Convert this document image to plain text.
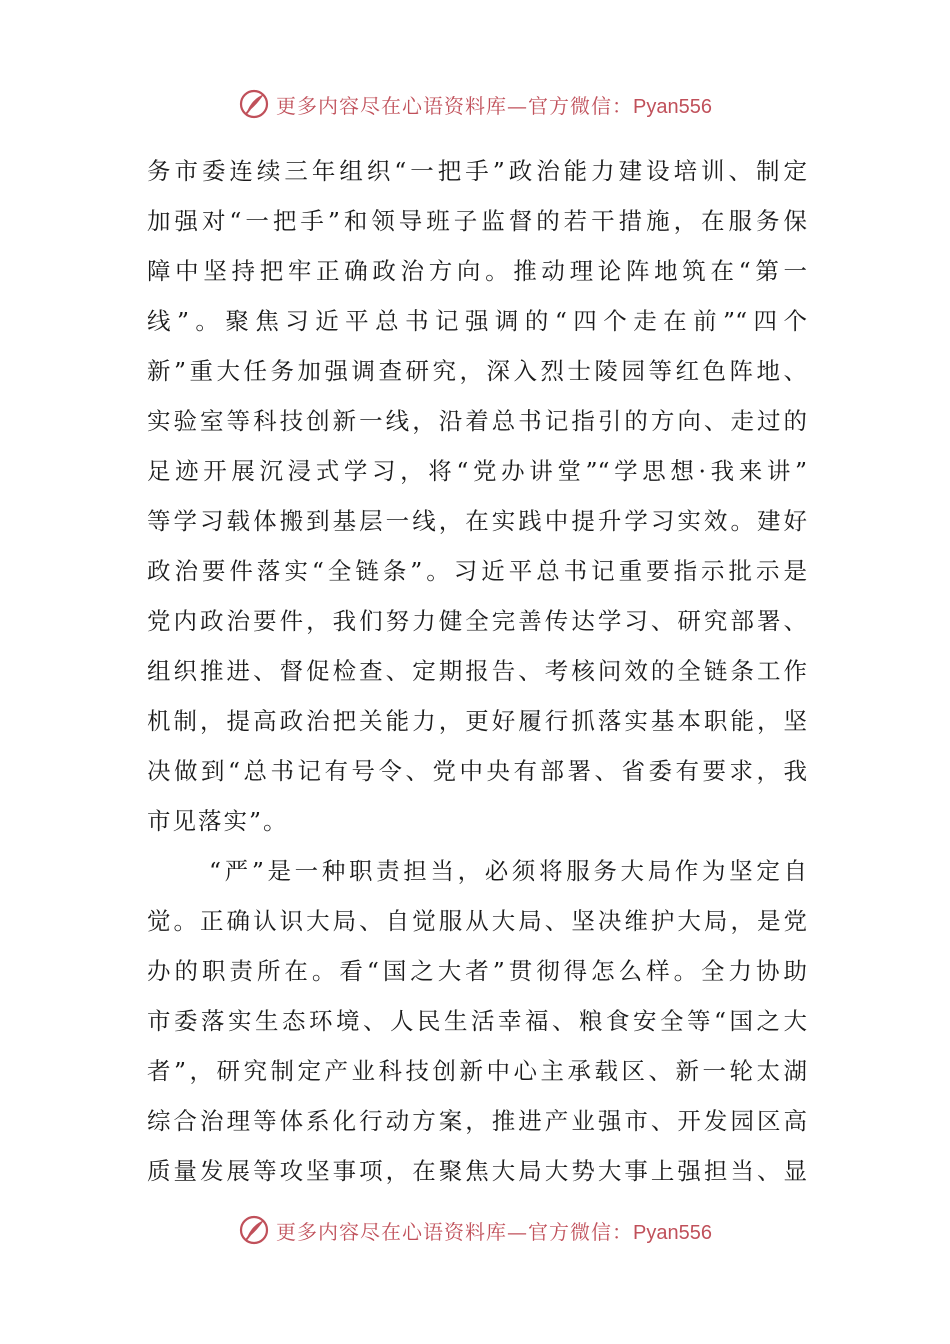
更多内容尽在心语资料库—官方微信：Pyan556
务市委连续三年组织“一把手”政治能力建设培训、制定
加强对“一把手”和领导班子监督的若干措施，在服务保
障中坚持把牢正确政治方向。推动理论阵地筑在“第一
线”。聚焦习近平总书记强调的“四个走在前”“四个
新”重大任务加强调查研究，深入烈士陵园等红色阵地、
实验室等科技创新一线，沿着总书记指引的方向、走过的
足迹开展沉浸式学习，将“党办讲堂”“学思想·我来讲”
等学习载体搬到基层一线，在实践中提升学习实效。建好
政治要件落实“全链条”。习近平总书记重要指示批示是
党内政治要件，我们努力健全完善传达学习、研究部署、
组织推进、督促检查、定期报告、考核问效的全链条工作
机制，提高政治把关能力，更好履行抓落实基本职能，坚
决做到“总书记有号令、党中央有部署、省委有要求，我
市见落实”。
“严”是一种职责担当，必须将服务大局作为坚定自
觉。正确认识大局、自觉服从大局、坚决维护大局，是党
办的职责所在。看“国之大者”贯彻得怎么样。全力协助
市委落实生态环境、人民生活幸福、粮食安全等“国之大
者”，研究制定产业科技创新中心主承载区、新一轮太湖
综合治理等体系化行动方案，推进产业强市、开发园区高
质量发展等攻坚事项，在聚焦大局大势大事上强担当、显
更多内容尽在心语资料库—官方微信：Pyan556
